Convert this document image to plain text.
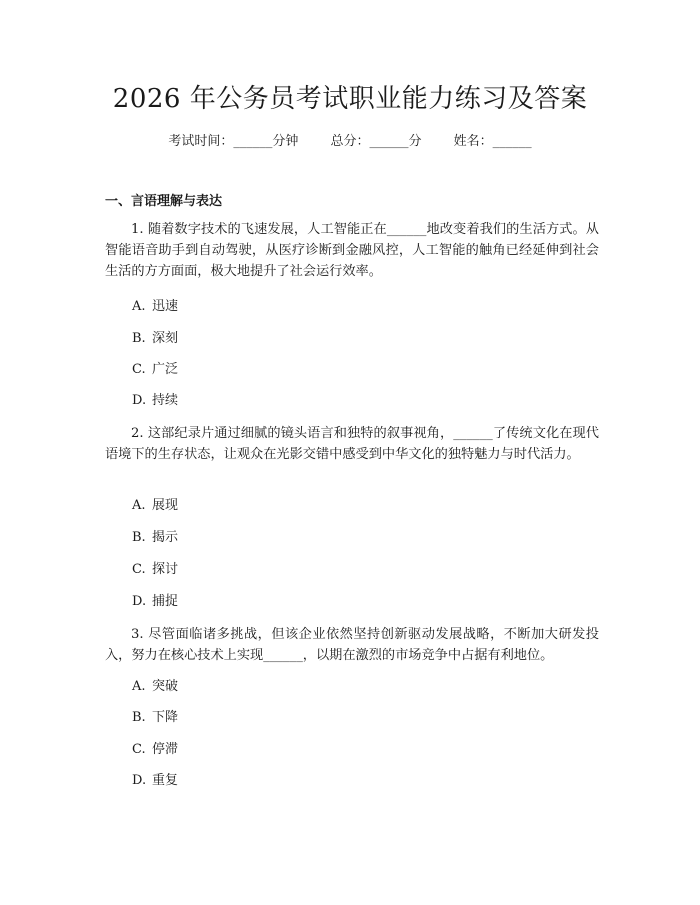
2026 年公务员考试职业能力练习及答案
考试时间：______分钟 总分：______分 姓名：______
一、言语理解与表达
1. 随着数字技术的飞速发展，人工智能正在______地改变着我们的生活方式。从智能语音助手到自动驾驶，从医疗诊断到金融风控，人工智能的触角已经延伸到社会生活的方方面面，极大地提升了社会运行效率。
A. 迅速
B. 深刻
C. 广泛
D. 持续
2. 这部纪录片通过细腻的镜头语言和独特的叙事视角，______了传统文化在现代语境下的生存状态，让观众在光影交错中感受到中华文化的独特魅力与时代活力。
A. 展现
B. 揭示
C. 探讨
D. 捕捉
3. 尽管面临诸多挑战，但该企业依然坚持创新驱动发展战略，不断加大研发投入，努力在核心技术上实现______，以期在激烈的市场竞争中占据有利地位。
A. 突破
B. 下降
C. 停滞
D. 重复
